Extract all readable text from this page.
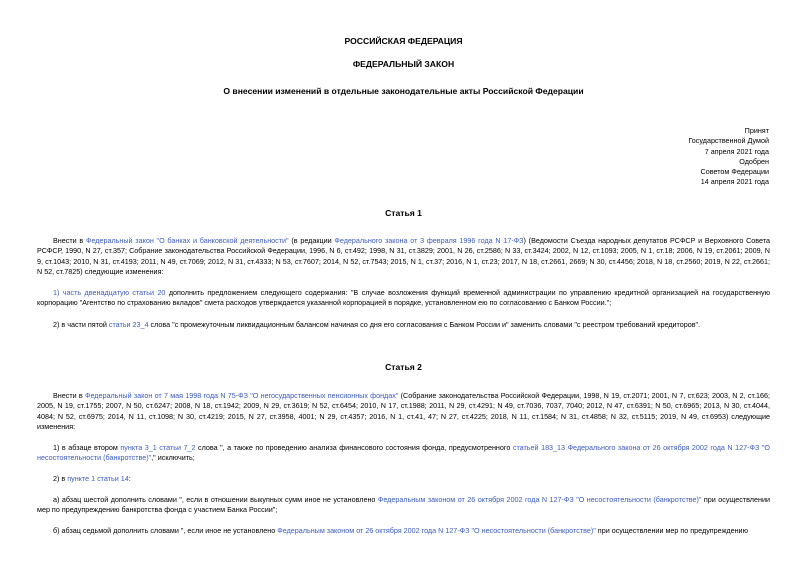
РОССИЙСКАЯ ФЕДЕРАЦИЯ
ФЕДЕРАЛЬНЫЙ ЗАКОН
О внесении изменений в отдельные законодательные акты Российской Федерации
Принят
Государственной Думой
7 апреля 2021 года
Одобрен
Советом Федерации
14 апреля 2021 года
Статья 1
Внести в Федеральный закон "О банках и банковской деятельности" (в редакции Федерального закона от 3 февраля 1996 года N 17-ФЗ) (Ведомости Съезда народных депутатов РСФСР и Верховного Совета РСФСР, 1990, N 27, ст.357; Собрание законодательства Российской Федерации, 1996, N 6, ст.492; 1998, N 31, ст.3829; 2001, N 26, ст.2586; N 33, ст.3424; 2002, N 12, ст.1093; 2005, N 1, ст.18; 2006, N 19, ст.2061; 2009, N 9, ст.1043; 2010, N 31, ст.4193; 2011, N 49, ст.7069; 2012, N 31, ст.4333; N 53, ст.7607; 2014, N 52, ст.7543; 2015, N 1, ст.37; 2016, N 1, ст.23; 2017, N 18, ст.2661, 2669; N 30, ст.4456; 2018, N 18, ст.2560; 2019, N 22, ст.2661; N 52, ст.7825) следующие изменения:
1) часть двенадцатую статьи 20 дополнить предложением следующего содержания: "В случае возложения функций временной администрации по управлению кредитной организацией на государственную корпорацию "Агентство по страхованию вкладов" смета расходов утверждается указанной корпорацией в порядке, установленном ею по согласованию с Банком России.";
2) в части пятой статьи 23_4 слова "с промежуточным ликвидационным балансом начиная со дня его согласования с Банком России и" заменить словами "с реестром требований кредиторов".
Статья 2
Внести в Федеральный закон от 7 мая 1998 года N 75-ФЗ "О негосударственных пенсионных фондах" (Собрание законодательства Российской Федерации, 1998, N 19, ст.2071; 2001, N 7, ст.623; 2003, N 2, ст.166; 2005, N 19, ст.1755; 2007, N 50, ст.6247; 2008, N 18, ст.1942; 2009, N 29, ст.3619; N 52, ст.6454; 2010, N 17, ст.1988; 2011, N 29, ст.4291; N 49, ст.7036, 7037, 7040; 2012, N 47, ст.6391; N 50, ст.6965; 2013, N 30, ст.4044, 4084; N 52, ст.6975; 2014, N 11, ст.1098; N 30, ст.4219; 2015, N 27, ст.3958, 4001; N 29, ст.4357; 2016, N 1, ст.41, 47; N 27, ст.4225; 2018, N 11, ст.1584; N 31, ст.4858; N 32, ст.5115; 2019, N 49, ст.6953) следующие изменения:
1) в абзаце втором пункта 3_1 статьи 7_2 слова ", а также по проведению анализа финансового состояния фонда, предусмотренного статьей 183_13 Федерального закона от 26 октября 2002 года N 127-ФЗ "О несостоятельности (банкротстве)"," исключить;
2) в пункте 1 статьи 14:
а) абзац шестой дополнить словами ", если в отношении выкупных сумм иное не установлено Федеральным законом от 26 октября 2002 года N 127-ФЗ "О несостоятельности (банкротстве)" при осуществлении мер по предупреждению банкротства фонда с участием Банка России";
б) абзац седьмой дополнить словами ", если иное не установлено Федеральным законом от 26 октября 2002 года N 127-ФЗ "О несостоятельности (банкротстве)" при осуществлении мер по предупреждению
